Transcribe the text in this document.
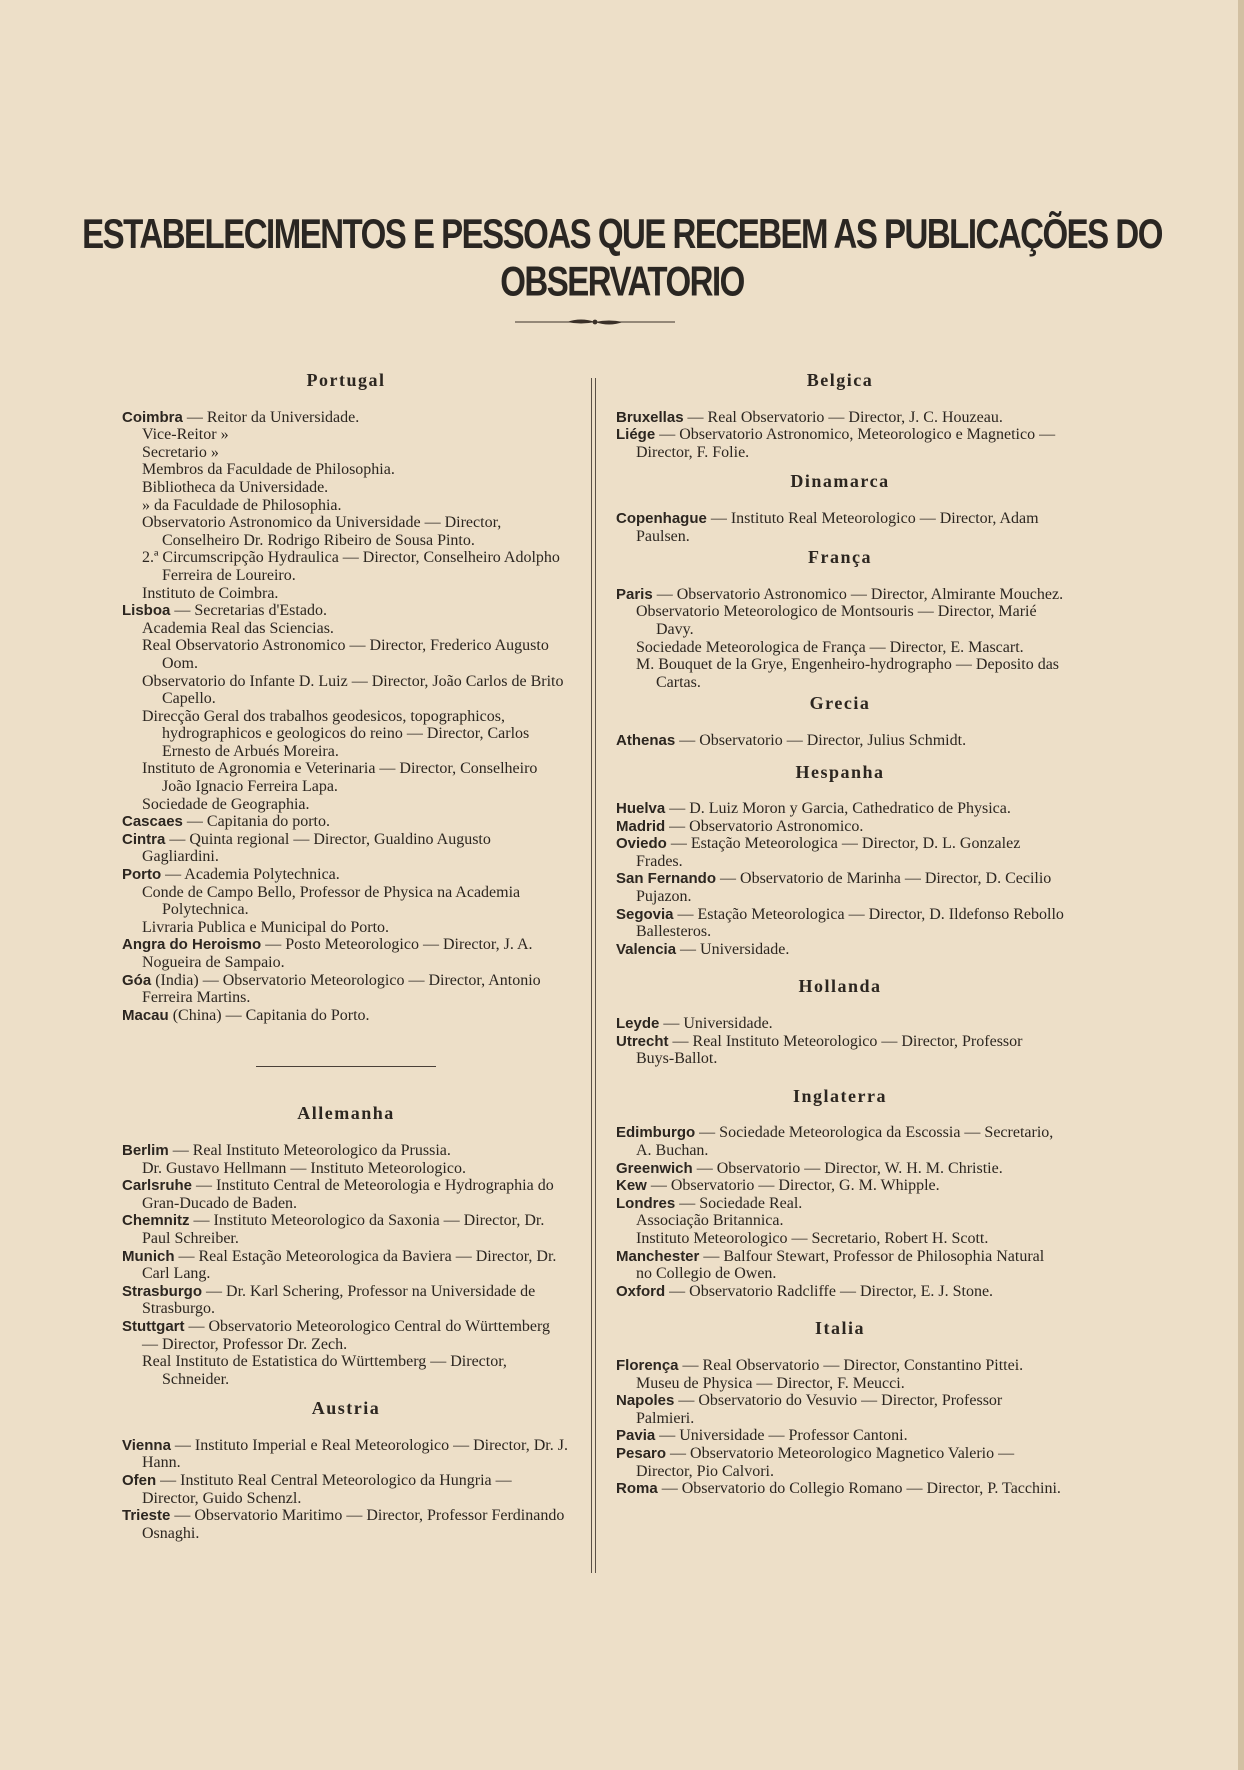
ESTABELECIMENTOS E PESSOAS QUE RECEBEM AS PUBLICAÇÕES DO OBSERVATORIO
Portugal

Coimbra — Reitor da Universidade.

Vice-Reitor »

Secretario »

Membros da Faculdade de Philosophia.

Bibliotheca da Universidade.

» da Faculdade de Philosophia.

Observatorio Astronomico da Universidade — Director, Conselheiro Dr. Rodrigo Ribeiro de Sousa Pinto.

2.ª Circumscripção Hydraulica — Director, Conselheiro Adolpho Ferreira de Loureiro.

Instituto de Coimbra.

Lisboa — Secretarias d'Estado.

Academia Real das Sciencias.

Real Observatorio Astronomico — Director, Frederico Augusto Oom.

Observatorio do Infante D. Luiz — Director, João Carlos de Brito Capello.

Direcção Geral dos trabalhos geodesicos, topographicos, hydrographicos e geologicos do reino — Director, Carlos Ernesto de Arbués Moreira.

Instituto de Agronomia e Veterinaria — Director, Conselheiro João Ignacio Ferreira Lapa.

Sociedade de Geographia.

Cascaes — Capitania do porto.

Cintra — Quinta regional — Director, Gualdino Augusto Gagliardini.

Porto — Academia Polytechnica.

Conde de Campo Bello, Professor de Physica na Academia Polytechnica.

Livraria Publica e Municipal do Porto.

Angra do Heroismo — Posto Meteorologico — Director, J. A. Nogueira de Sampaio.

Góa (India) — Observatorio Meteorologico — Director, Antonio Ferreira Martins.

Macau (China) — Capitania do Porto.

Allemanha

Berlim — Real Instituto Meteorologico da Prussia.

Dr. Gustavo Hellmann — Instituto Meteorologico.

Carlsruhe — Instituto Central de Meteorologia e Hydrographia do Gran-Ducado de Baden.

Chemnitz — Instituto Meteorologico da Saxonia — Director, Dr. Paul Schreiber.

Munich — Real Estação Meteorologica da Baviera — Director, Dr. Carl Lang.

Strasburgo — Dr. Karl Schering, Professor na Universidade de Strasburgo.

Stuttgart — Observatorio Meteorologico Central do Württemberg — Director, Professor Dr. Zech.

Real Instituto de Estatistica do Württemberg — Director, Schneider.

Austria

Vienna — Instituto Imperial e Real Meteorologico — Director, Dr. J. Hann.

Ofen — Instituto Real Central Meteorologico da Hungria — Director, Guido Schenzl.

Trieste — Observatorio Maritimo — Director, Professor Ferdinando Osnaghi.

Belgica

Bruxellas — Real Observatorio — Director, J. C. Houzeau.

Liége — Observatorio Astronomico, Meteorologico e Magnetico — Director, F. Folie.

Dinamarca

Copenhague — Instituto Real Meteorologico — Director, Adam Paulsen.

França

Paris — Observatorio Astronomico — Director, Almirante Mouchez.

Observatorio Meteorologico de Montsouris — Director, Marié Davy.

Sociedade Meteorologica de França — Director, E. Mascart.

M. Bouquet de la Grye, Engenheiro-hydrographo — Deposito das Cartas.

Grecia

Athenas — Observatorio — Director, Julius Schmidt.

Hespanha

Huelva — D. Luiz Moron y Garcia, Cathedratico de Physica.

Madrid — Observatorio Astronomico.

Oviedo — Estação Meteorologica — Director, D. L. Gonzalez Frades.

San Fernando — Observatorio de Marinha — Director, D. Cecilio Pujazon.

Segovia — Estação Meteorologica — Director, D. Ildefonso Rebollo Ballesteros.

Valencia — Universidade.

Hollanda

Leyde — Universidade.

Utrecht — Real Instituto Meteorologico — Director, Professor Buys-Ballot.

Inglaterra

Edimburgo — Sociedade Meteorologica da Escossia — Secretario, A. Buchan.

Greenwich — Observatorio — Director, W. H. M. Christie.

Kew — Observatorio — Director, G. M. Whipple.

Londres — Sociedade Real.

Associação Britannica.

Instituto Meteorologico — Secretario, Robert H. Scott.

Manchester — Balfour Stewart, Professor de Philosophia Natural no Collegio de Owen.

Oxford — Observatorio Radcliffe — Director, E. J. Stone.

Italia

Florença — Real Observatorio — Director, Constantino Pittei.

Museu de Physica — Director, F. Meucci.

Napoles — Observatorio do Vesuvio — Director, Professor Palmieri.

Pavia — Universidade — Professor Cantoni.

Pesaro — Observatorio Meteorologico Magnetico Valerio — Director, Pio Calvori.

Roma — Observatorio do Collegio Romano — Director, P. Tacchini.
